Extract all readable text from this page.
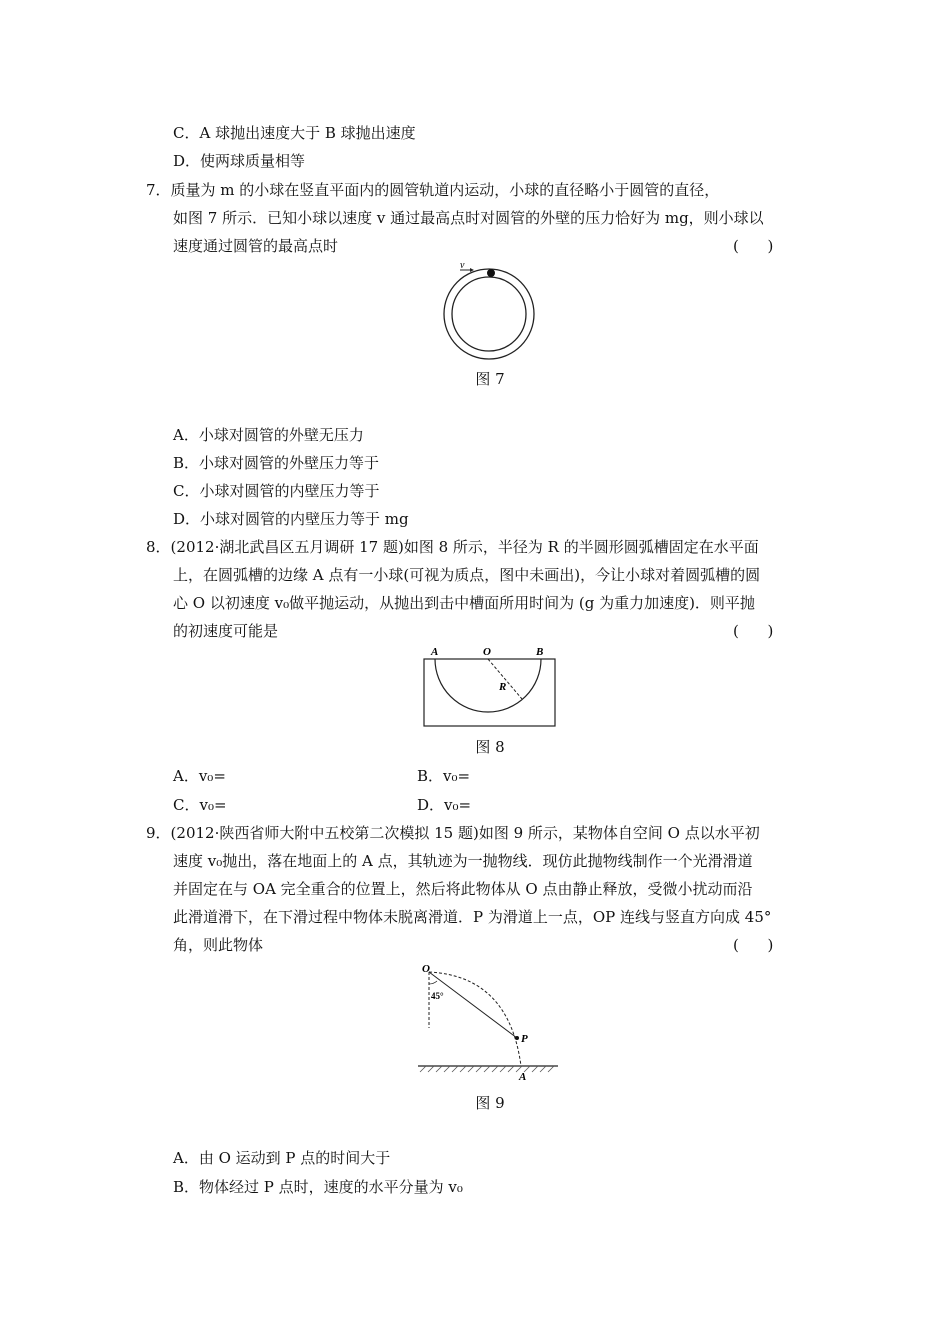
C．A 球抛出速度大于 B 球抛出速度
D．使两球质量相等
7．质量为 m 的小球在竖直平面内的圆管轨道内运动，小球的直径略小于圆管的直径，
如图 7 所示．已知小球以速度 v 通过最高点时对圆管的外壁的压力恰好为 mg，则小球以
速度通过圆管的最高点时	(      )
v
图 7
A．小球对圆管的外壁无压力
B．小球对圆管的外壁压力等于
C．小球对圆管的内壁压力等于
D．小球对圆管的内壁压力等于 mg
8．(2012·湖北武昌区五月调研 17 题)如图 8 所示，半径为 R 的半圆形圆弧槽固定在水平面
上，在圆弧槽的边缘 A 点有一小球(可视为质点，图中未画出)，今让小球对着圆弧槽的圆
心 O 以初速度 v₀做平抛运动，从抛出到击中槽面所用时间为 (g 为重力加速度)．则平抛
的初速度可能是	(      )
A	O	B
R
图 8
A．v₀=	B．v₀=
C．v₀=	D．v₀=
9．(2012·陕西省师大附中五校第二次模拟 15 题)如图 9 所示，某物体自空间 O 点以水平初
速度 v₀抛出，落在地面上的 A 点，其轨迹为一抛物线．现仿此抛物线制作一个光滑滑道
并固定在与 OA 完全重合的位置上，然后将此物体从 O 点由静止释放，受微小扰动而沿
此滑道滑下，在下滑过程中物体未脱离滑道．P 为滑道上一点，OP 连线与竖直方向成 45°
角，则此物体	(      )
O
45°
P
A
图 9
A．由 O 运动到 P 点的时间大于
B．物体经过 P 点时，速度的水平分量为 v₀
